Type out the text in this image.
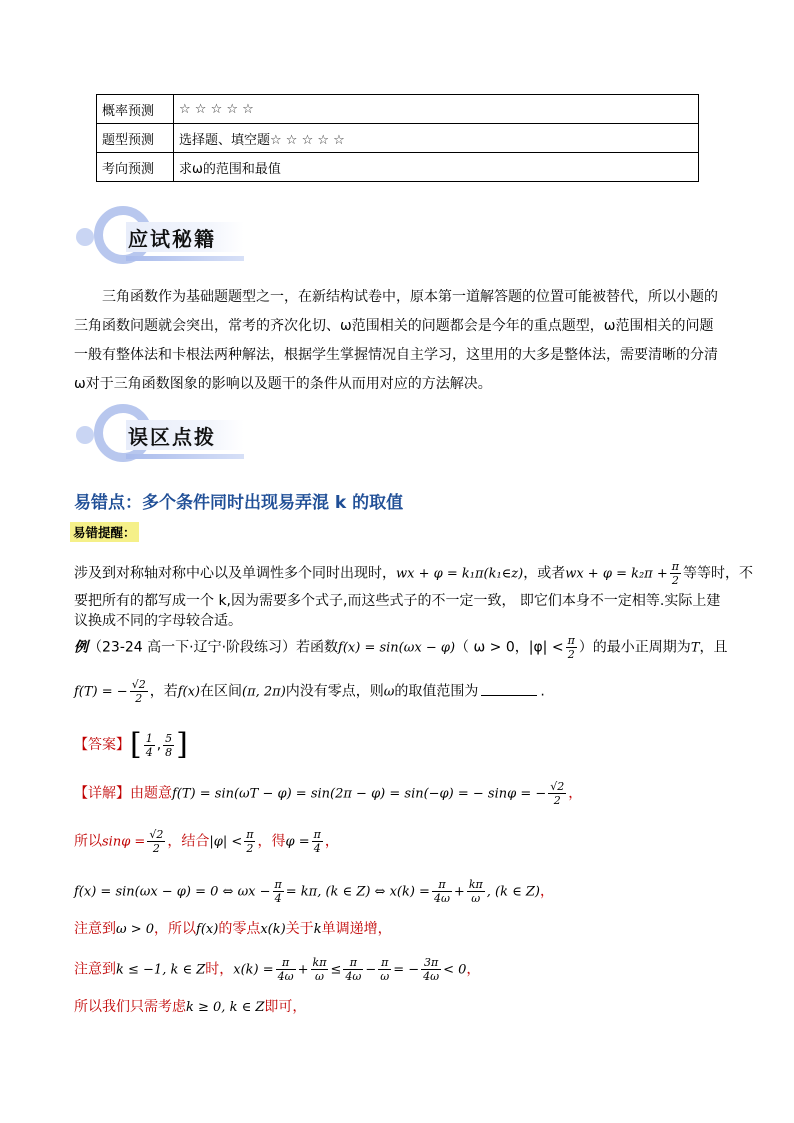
概率预测	☆ ☆ ☆ ☆ ☆
题型预测	选择题、填空题☆ ☆ ☆ ☆ ☆
考向预测	求ω的范围和最值
应试秘籍

三角函数作为基础题题型之一，在新结构试卷中，原本第一道解答题的位置可能被替代，所以小题的三角函数问题就会突出，常考的齐次化切、ω范围相关的问题都会是今年的重点题型，ω范围相关的问题一般有整体法和卡根法两种解法，根据学生掌握情况自主学习，这里用的大多是整体法，需要清晰的分清ω对于三角函数图象的影响以及题干的条件从而用对应的方法解决。

误区点拨
易错点：多个条件同时出现易弄混 k 的取值
易错提醒：
涉及到对称轴对称中心以及单调性多个同时出现时，wx + φ = k₁π(k₁∈z)，或者wx + $\varphi = k_2\pi + \frac{\pi}{2}$ 等等时，不
要把所有的都写成一个 k,因为需要多个式子,而这些式子的不一定一致， 即它们本身不一定相等.实际上建
议换成不同的字母较合适。
例（23-24 高一下·辽宁·阶段练习）若函数f(x) = sin(ωx − φ)（ ω > 0，$|\varphi| < \frac{\pi}{2}$ ）的最小正周期为T，且
f(T) = − $\frac{√2}{2}$ ，若f(x)在区间(π, 2π)内没有零点，则ω的取值范围为	.
【答案】[ $\frac{1}{4}$ , $\frac{5}{8}$ ]
【详解】由题意f(T) = sin(ωT − φ) = sin(2π − φ) = sin(−φ) = − sinφ = − $\frac{√2}{2}$ ，
所以$\sin\varphi = \frac{√2}{2}$ ，结合$|\varphi| < \frac{\pi}{2}$ ，得$\varphi = \frac{\pi}{4}$ ，
f(x) = sin(ωx − φ) = 0 ⇔ $\omega x - \frac{\pi}{4} = k\pi$, (k ∈ Z) ⇔ $x(k) = \frac{\pi}{4\omega} + \frac{k\pi}{\omega}$ , (k ∈ Z)，
注意到ω > 0，所以f(x)的零点x(k)关于k单调递增，
注意到k ≤ −1, k ∈ Z时，$x(k) = \frac{\pi}{4\omega} + \frac{k\pi}{\omega} \le \frac{\pi}{4\omega} - \frac{\pi}{\omega}$ = − $\frac{3\pi}{4\omega} < 0$，
所以我们只需考虑k ≥ 0, k ∈ Z即可，
